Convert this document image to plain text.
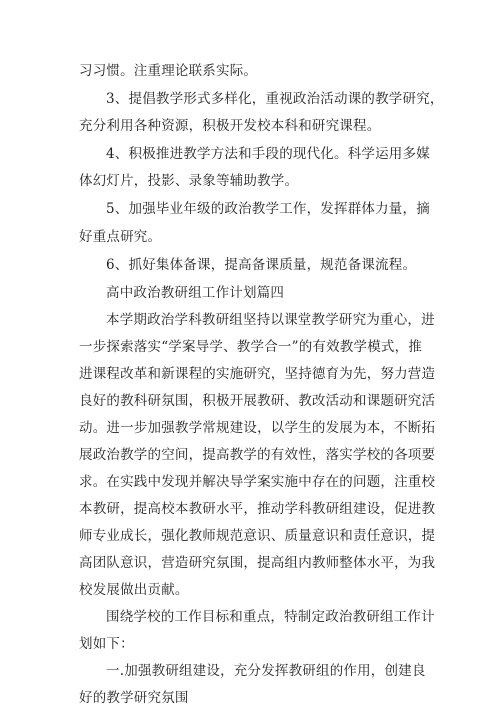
习习惯。注重理论联系实际。
3、提倡教学形式多样化，重视政治活动课的教学研究，
充分利用各种资源，积极开发校本科和研究课程。
4、积极推进教学方法和手段的现代化。科学运用多媒
体幻灯片，投影、录象等辅助教学。
5、加强毕业年级的政治教学工作，发挥群体力量，摘
好重点研究。
6、抓好集体备课，提高备课质量，规范备课流程。
高中政治教研组工作计划篇四
本学期政治学科教研组坚持以课堂教学研究为重心，进
一步探索落实“学案导学、教学合一”的有效教学模式，推
进课程改革和新课程的实施研究，坚持德育为先，努力营造
良好的教科研氛围，积极开展教研、教改活动和课题研究活
动。进一步加强教学常规建设，以学生的发展为本，不断拓
展政治教学的空间，提高教学的有效性，落实学校的各项要
求。在实践中发现并解决导学案实施中存在的问题，注重校
本教研，提高校本教研水平，推动学科教研组建设，促进教
师专业成长，强化教师规范意识、质量意识和责任意识，提
高团队意识，营造研究氛围，提高组内教师整体水平，为我
校发展做出贡献。
围绕学校的工作目标和重点，特制定政治教研组工作计
划如下：
一.加强教研组建设，充分发挥教研组的作用，创建良
好的教学研究氛围
